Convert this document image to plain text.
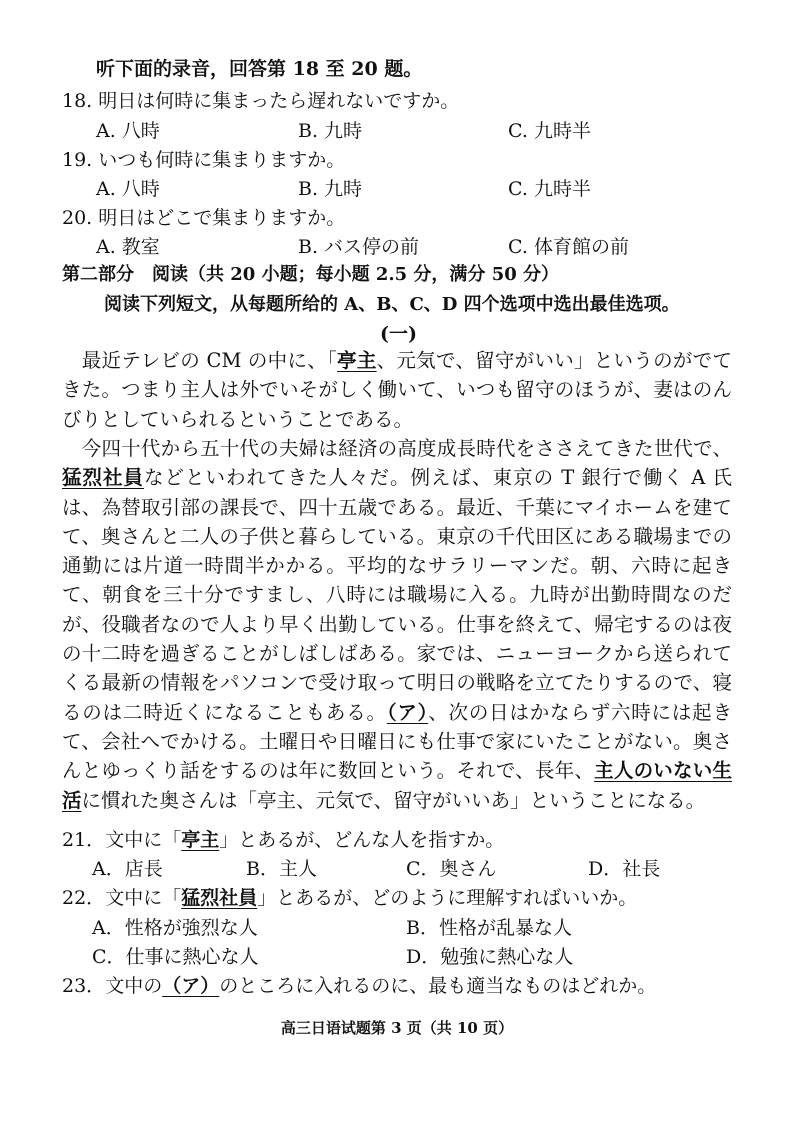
听下面的录音，回答第 18 至 20 题。
18. 明日は何時に集まったら遅れないですか。
A. 八時	B. 九時	C. 九時半
19. いつも何時に集まりますか。
A. 八時	B. 九時	C. 九時半
20. 明日はどこで集まりますか。
A. 教室	B. バス停の前	C. 体育館の前
第二部分　阅读（共 20 小题；每小题 2.5 分，满分 50 分）
阅读下列短文，从每题所给的 A、B、C、D 四个选项中选出最佳选项。
(一)
　最近テレビの CM の中に、「亭主、元気で、留守がいい」というのがでてきた。つまり主人は外でいそがしく働いて、いつも留守のほうが、妻はのんびりとしていられるということである。
　今四十代から五十代の夫婦は経済の高度成長時代をささえてきた世代で、猛烈社員などといわれてきた人々だ。例えば、東京の T 銀行で働く A 氏は、為替取引部の課長で、四十五歳である。最近、千葉にマイホームを建てて、奥さんと二人の子供と暮らしている。東京の千代田区にある職場までの通勤には片道一時間半かかる。平均的なサラリーマンだ。朝、六時に起きて、朝食を三十分ですまし、八時には職場に入る。九時が出勤時間なのだが、役職者なので人より早く出勤している。仕事を終えて、帰宅するのは夜の十二時を過ぎることがしばしばある。家では、ニューヨークから送られてくる最新の情報をパソコンで受け取って明日の戦略を立てたりするので、寝るのは二時近くになることもある。（ア）、次の日はかならず六時には起きて、会社へでかける。土曜日や日曜日にも仕事で家にいたことがない。奥さんとゆっくり話をするのは年に数回という。それで、長年、主人のいない生活に慣れた奥さんは「亭主、元気で、留守がいいあ」ということになる。
21．文中に「亭主」とあるが、どんな人を指すか。
A．店長	B．主人	C．奥さん	D．社長
22．文中に「猛烈社員」とあるが、どのように理解すればいいか。
A．性格が強烈な人	B．性格が乱暴な人
C．仕事に熱心な人	D．勉強に熱心な人
23．文中の（ア）のところに入れるのに、最も適当なものはどれか。
高三日语试题第 3 页（共 10 页）
